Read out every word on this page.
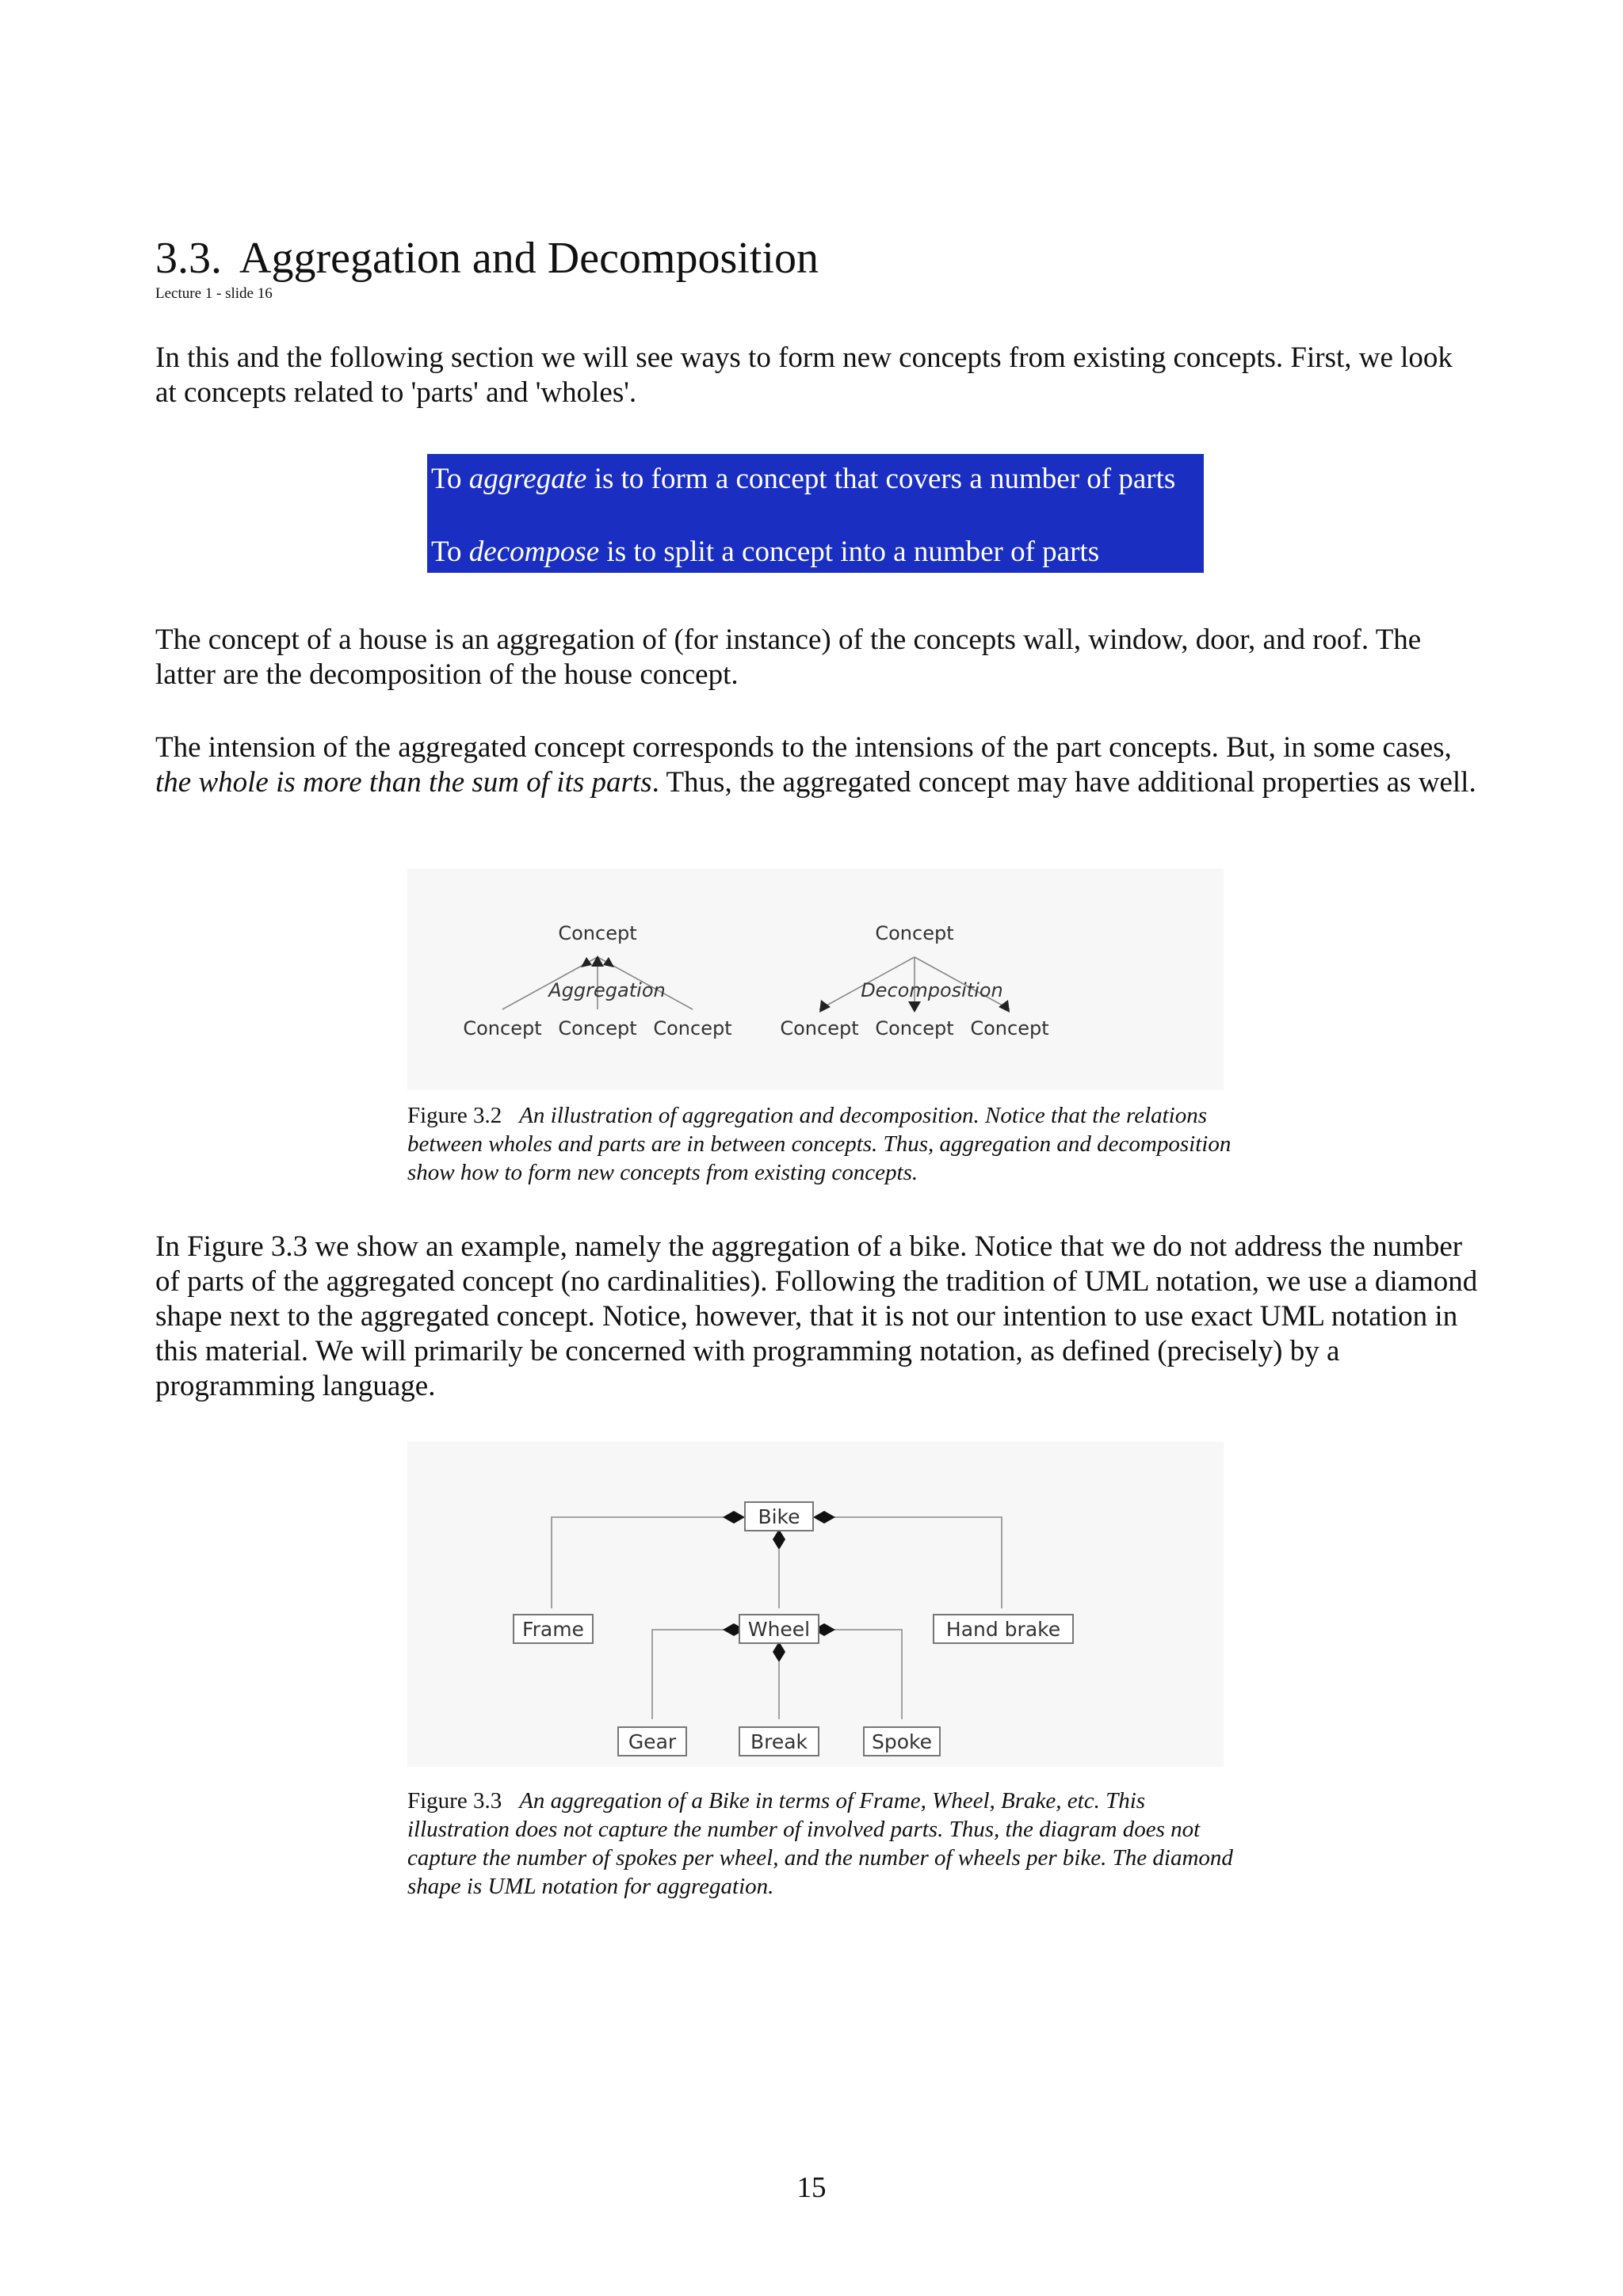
3.3. Aggregation and Decomposition
Lecture 1 - slide 16
In this and the following section we will see ways to form new concepts from existing concepts. First, we look at concepts related to 'parts' and 'wholes'.
To aggregate is to form a concept that covers a number of parts
To decompose is to split a concept into a number of parts
The concept of a house is an aggregation of (for instance) of the concepts wall, window, door, and roof. The latter are the decomposition of the house concept.
The intension of the aggregated concept corresponds to the intensions of the part concepts. But, in some cases, the whole is more than the sum of its parts. Thus, the aggregated concept may have additional properties as well.
Concept
Aggregation
Concept Concept Concept
Concept
Decomposition
Concept Concept Concept
Figure 3.2 An illustration of aggregation and decomposition. Notice that the relations between wholes and parts are in between concepts. Thus, aggregation and decomposition show how to form new concepts from existing concepts.
In Figure 3.3 we show an example, namely the aggregation of a bike. Notice that we do not address the number of parts of the aggregated concept (no cardinalities). Following the tradition of UML notation, we use a diamond shape next to the aggregated concept. Notice, however, that it is not our intention to use exact UML notation in this material. We will primarily be concerned with programming notation, as defined (precisely) by a programming language.
Bike
Frame	Wheel	Hand brake
Gear	Break	Spoke
Figure 3.3 An aggregation of a Bike in terms of Frame, Wheel, Brake, etc. This illustration does not capture the number of involved parts. Thus, the diagram does not capture the number of spokes per wheel, and the number of wheels per bike. The diamond shape is UML notation for aggregation.
15
